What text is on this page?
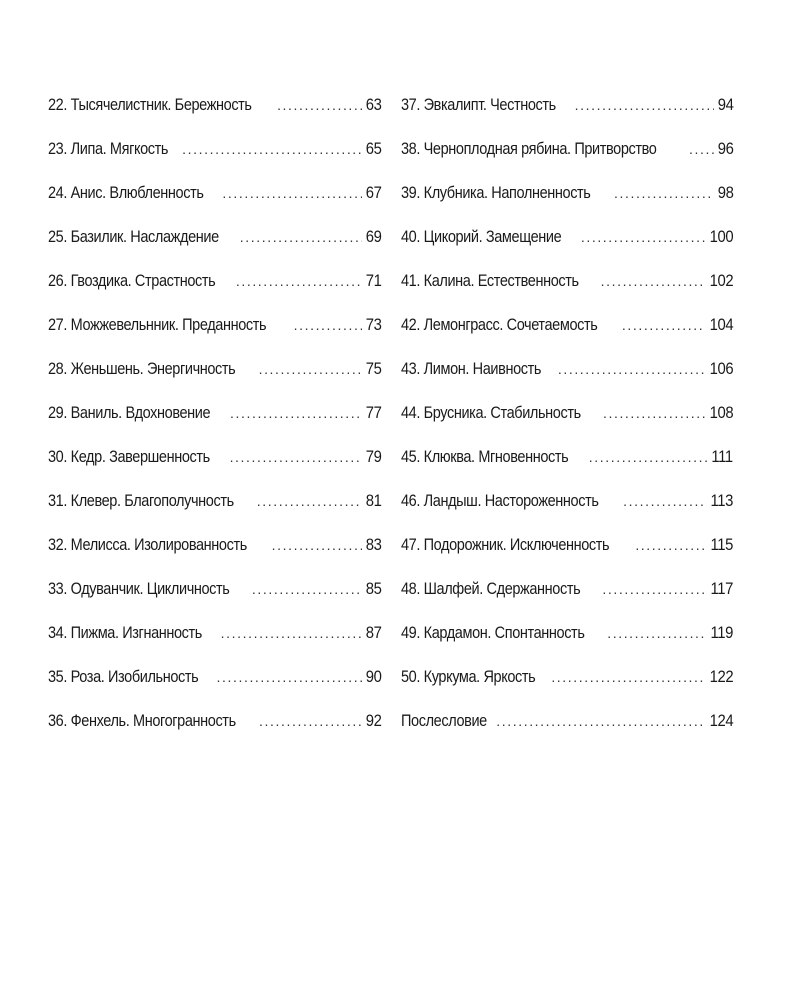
22. Тысячелистник. Бережность .....	63
23. Липа. Мягкость .....	65
24. Анис. Влюбленность .....	67
25. Базилик. Наслаждение .....	69
26. Гвоздика. Страстность .....	71
27. Можжевельнник. Преданность .....	73
28. Женьшень. Энергичность .....	75
29. Ваниль. Вдохновение .....	77
30. Кедр. Завершенность .....	79
31. Клевер. Благополучность .....	81
32. Мелисса. Изолированность .....	83
33. Одуванчик. Цикличность .....	85
34. Пижма. Изгнанность .....	87
35. Роза. Изобильность .....	90
36. Фенхель. Многогранность .....	92
37. Эвкалипт. Честность .....	94
38. Черноплодная рябина. Притворство .....	96
39. Клубника. Наполненность .....	98
40. Цикорий. Замещение .....	100
41. Калина. Естественность .....	102
42. Лемонграсс. Сочетаемость .....	104
43. Лимон. Наивность .....	106
44. Брусника. Стабильность .....	108
45. Клюква. Мгновенность .....	111
46. Ландыш. Настороженность .....	113
47. Подорожник. Исключенность .....	115
48. Шалфей. Сдержанность .....	117
49. Кардамон. Спонтанность .....	119
50. Куркума. Яркость .....	122
Послесловие .....	124
